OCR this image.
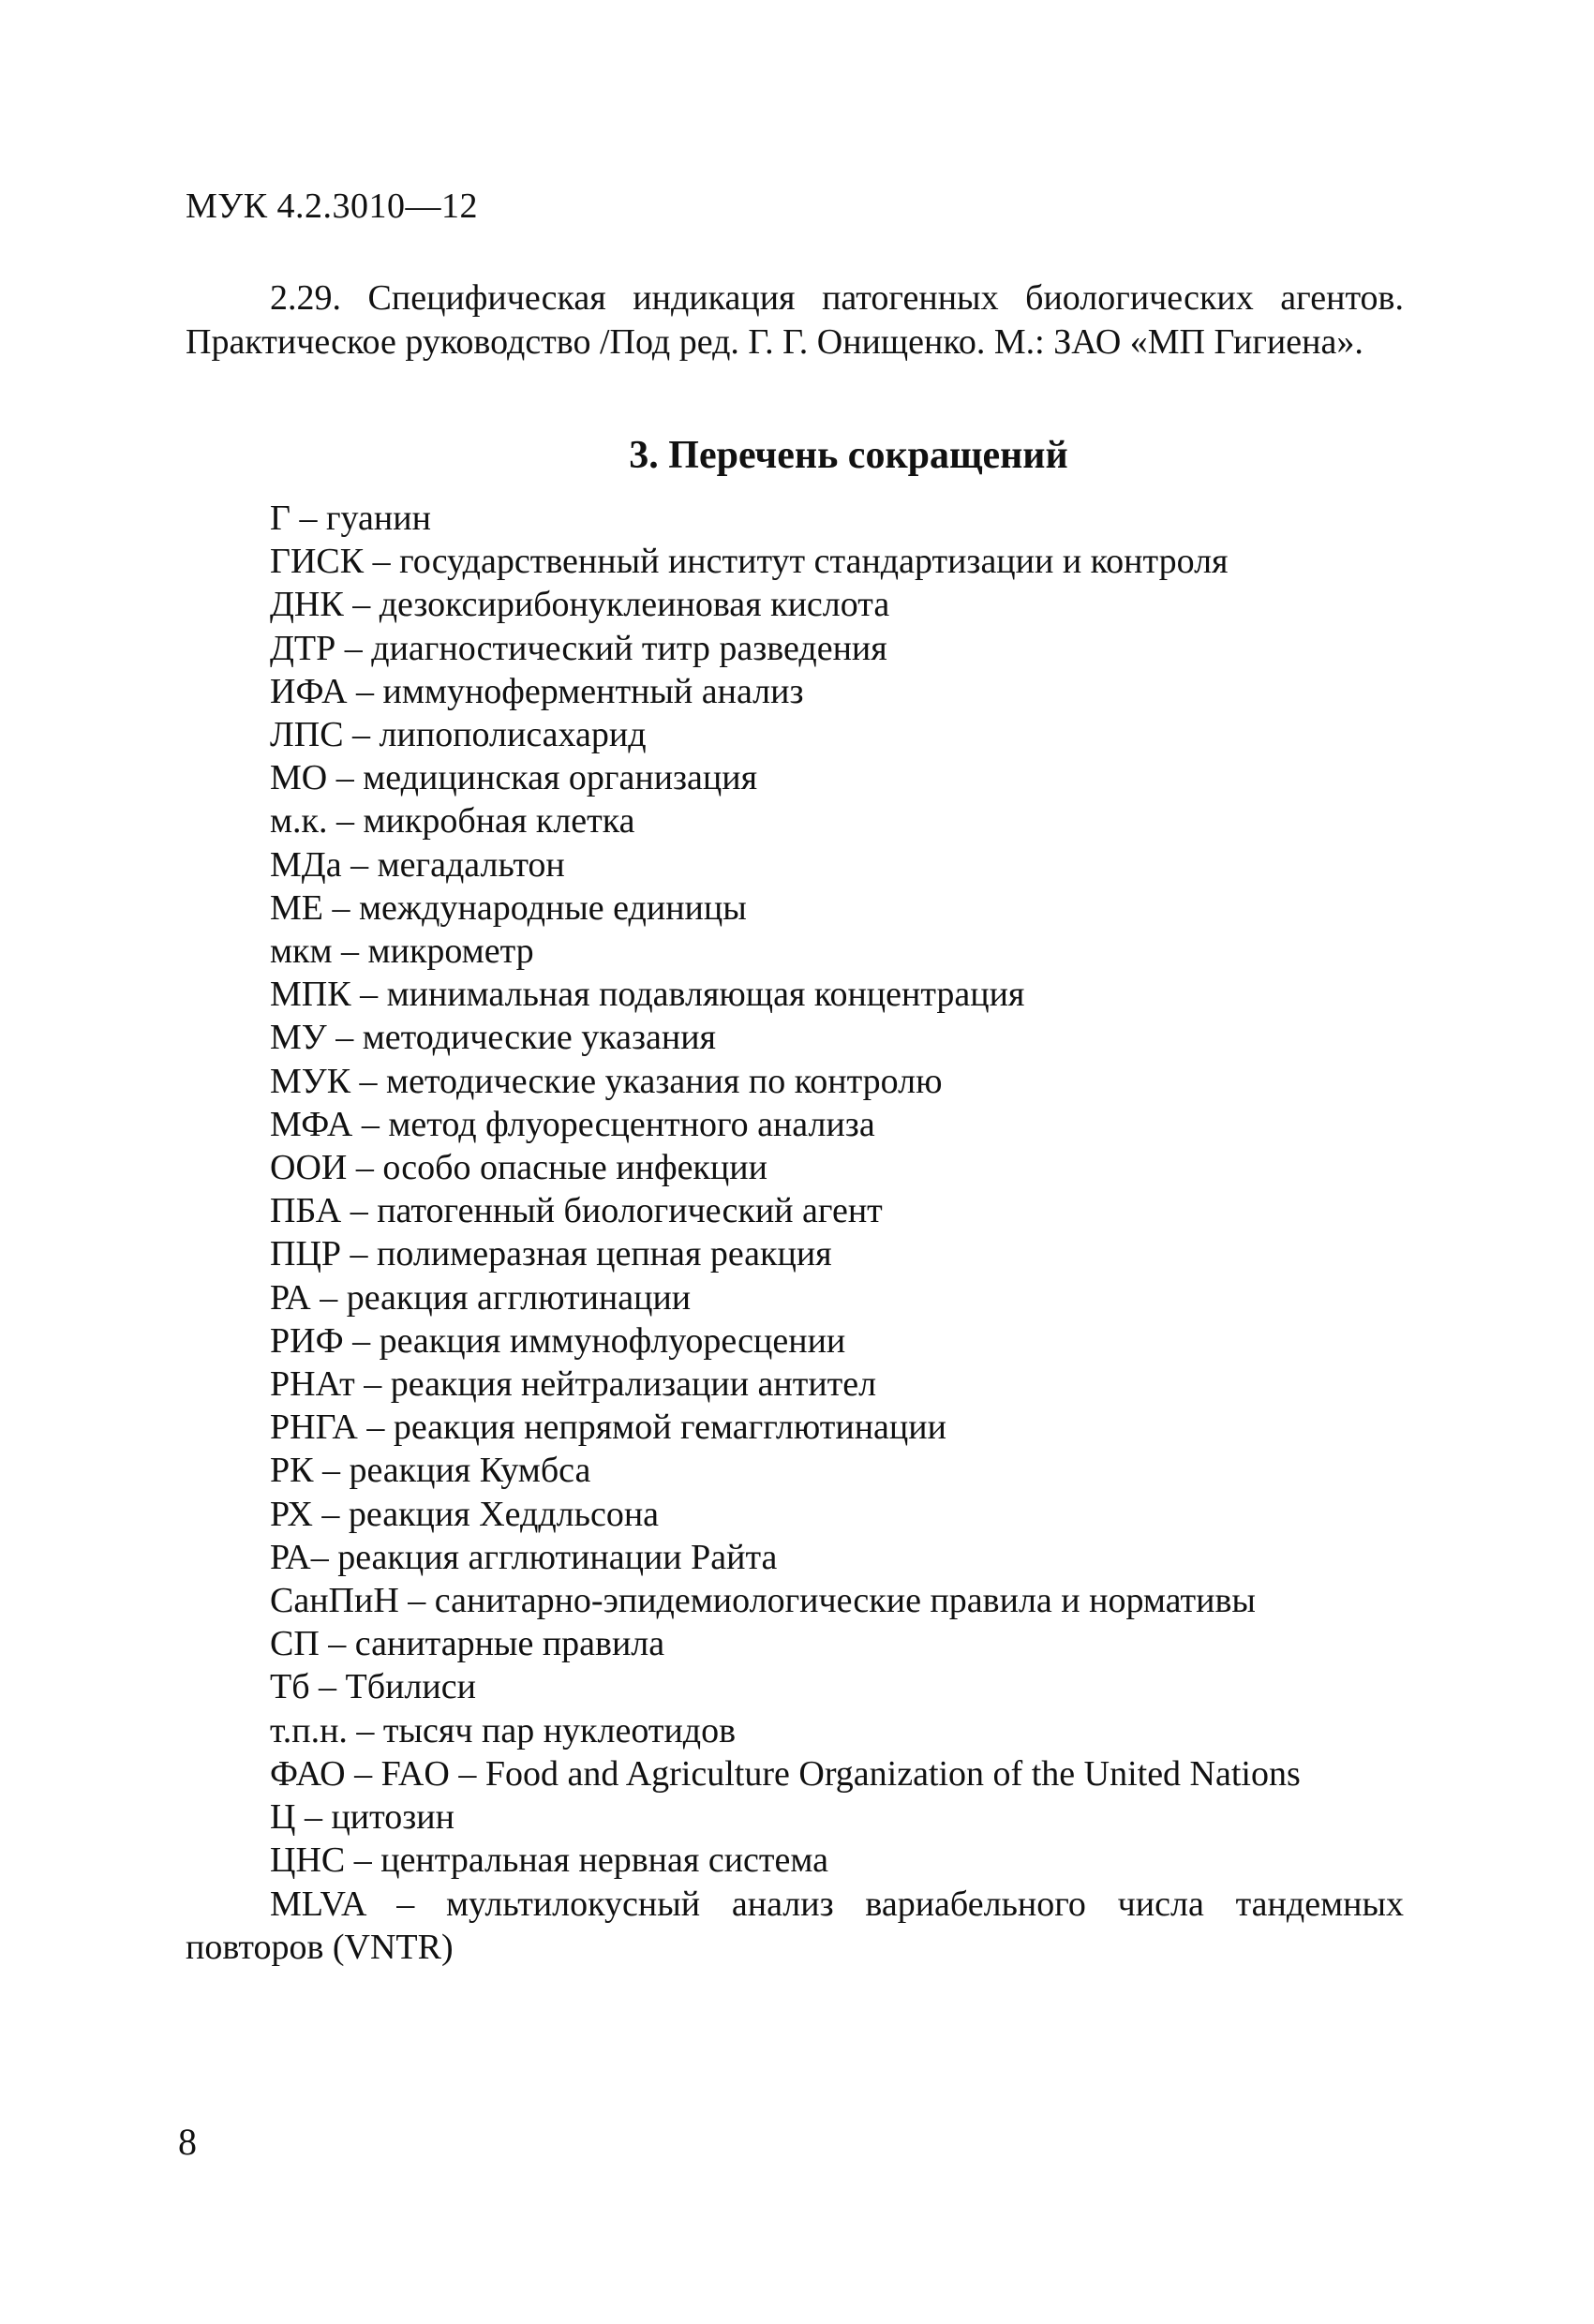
МУК 4.2.3010—12

2.29. Специфическая индикация патогенных биологических агентов. Практическое руководство /Под ред. Г. Г. Онищенко. М.: ЗАО «МП Гигиена».

3. Перечень сокращений
Г – гуанин
ГИСК – государственный институт стандартизации и контроля
ДНК – дезоксирибонуклеиновая кислота
ДТР – диагностический титр разведения
ИФА – иммуноферментный анализ
ЛПС – липополисахарид
МО – медицинская организация
м.к. – микробная клетка
МДа – мегадальтон
МЕ – международные единицы
мкм – микрометр
МПК – минимальная подавляющая концентрация
МУ – методические указания
МУК – методические указания по контролю
МФА – метод флуоресцентного анализа
ООИ – особо опасные инфекции
ПБА – патогенный биологический агент
ПЦР – полимеразная цепная реакция
РА – реакция агглютинации
РИФ – реакция иммунофлуоресцении
РНАт – реакция нейтрализации антител
РНГА – реакция непрямой гемагглютинации
РК – реакция Кумбса
РХ – реакция Хеддльсона
РА– реакция агглютинации Райта
СанПиН – санитарно-эпидемиологические правила и нормативы
СП – санитарные правила
Тб – Тбилиси
т.п.н. – тысяч пар нуклеотидов
ФАО – FAO – Food and Agriculture Organization of the United Nations
Ц – цитозин
ЦНС – центральная нервная система
MLVA – мультилокусный анализ вариабельного числа тандемных повторов (VNTR)
8
